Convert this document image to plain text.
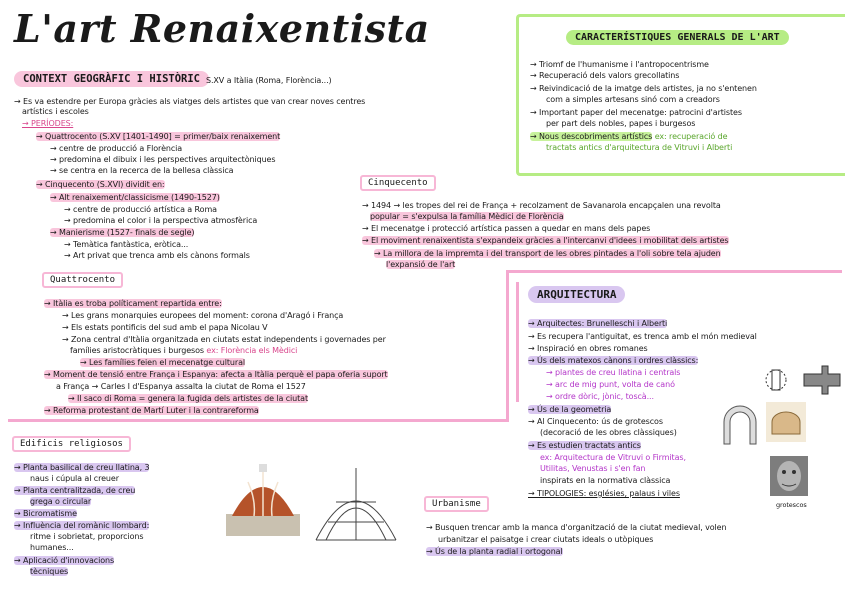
L'art Renaixentista
CONTEXT GEOGRÀFIC I HISTÒRIC S.XV a Itàlia (Roma, Florència...)
→ Es va estendre per Europa gràcies als viatges dels artistes que van crear noves centres
artístics i escoles
→ PERÍODES:
→ Quattrocento (S.XV [1401-1490] = primer/baix renaixement
→ centre de producció a Florència
→ predomina el dibuix i les perspectives arquitectòniques
→ se centra en la recerca de la bellesa clàssica
→ Cinquecento (S.XVI) dividit en:
→ Alt renaixement/classicisme (1490-1527)
→ centre de producció artística a Roma
→ predomina el color i la perspectiva atmosfèrica
→ Manierisme (1527- finals de segle)
→ Temàtica fantàstica, eròtica...
→ Art privat que trenca amb els cànons formals
Cinquecento
→ 1494 → les tropes del rei de França + recolzament de Savanarola encapçalen una revolta
popular = s'expulsa la família Mèdici de Florència
→ El mecenatge i protecció artística passen a quedar en mans dels papes
→ El moviment renaixentista s'expandeix gràcies a l'intercanvi d'idees i mobilitat dels artistes
→ La millora de la impremta i del transport de les obres pintades a l'oli sobre tela ajuden
l'expansió de l'art
CARACTERÍSTIQUES GENERALS DE L'ART
→ Triomf de l'humanisme i l'antropocentrisme
→ Recuperació dels valors grecollatins
→ Reivindicació de la imatge dels artistes, ja no s'entenen
com a simples artesans sinó com a creadors
→ Important paper del mecenatge: patrocini d'artistes
per part dels nobles, papes i burgesos
→ Nous descobriments artístics ex: recuperació de
tractats antics d'arquitectura de Vitruvi i Alberti
Quattrocento
→ Itàlia es troba políticament repartida entre:
→ Les grans monarquies europees del moment: corona d'Aragó i França
→ Els estats pontificis del sud amb el papa Nicolau V
→ Zona central d'Itàlia organitzada en ciutats estat independents i governades per
famílies aristocràtiques i burgesos ex: Florència els Mèdici
→ Les famílies feien el mecenatge cultural
→ Moment de tensió entre França i Espanya: afecta a Itàlia perquè el papa oferia suport
a França → Carles I d'Espanya assalta la ciutat de Roma el 1527
→ Il saco di Roma = genera la fugida dels artistes de la ciutat
→ Reforma protestant de Martí Luter i la contrareforma
ARQUITECTURA
→ Arquitectes: Brunelleschi i Alberti
→ Es recupera l'antiguitat, es trenca amb el món medieval
→ Inspiració en obres romanes
→ Ús dels matexos cànons i ordres clàssics:
→ plantes de creu llatina i centrals
→ arc de mig punt, volta de canó
→ ordre dòric, jònic, toscà...
→ Ús de la geometria
→ Al Cinquecento: ús de grotescos
(decoració de les obres clàssiques)
→ Es estudien tractats antics
ex: Arquitectura de Vitruvi o Firmitas,
Utilitas, Venustas i s'en fan
inspirats en la normativa clàssica
→ TIPOLOGIES: esglésies, palaus i viles
grotescos
Edificis religiosos
→ Planta basilical de creu llatina, 3
naus i cúpula al creuer
→ Planta centralitzada, de creu
grega o circular
→ Bicromatisme
→ Influència del romànic llombard:
ritme i sobrietat, proporcions
humanes...
→ Aplicació d'innovacions
tècniques
Urbanisme
→ Busquen trencar amb la manca d'organització de la ciutat medieval, volen
urbanitzar el paisatge i crear ciutats ideals o utòpiques
→ Ús de la planta radial i ortogonal
